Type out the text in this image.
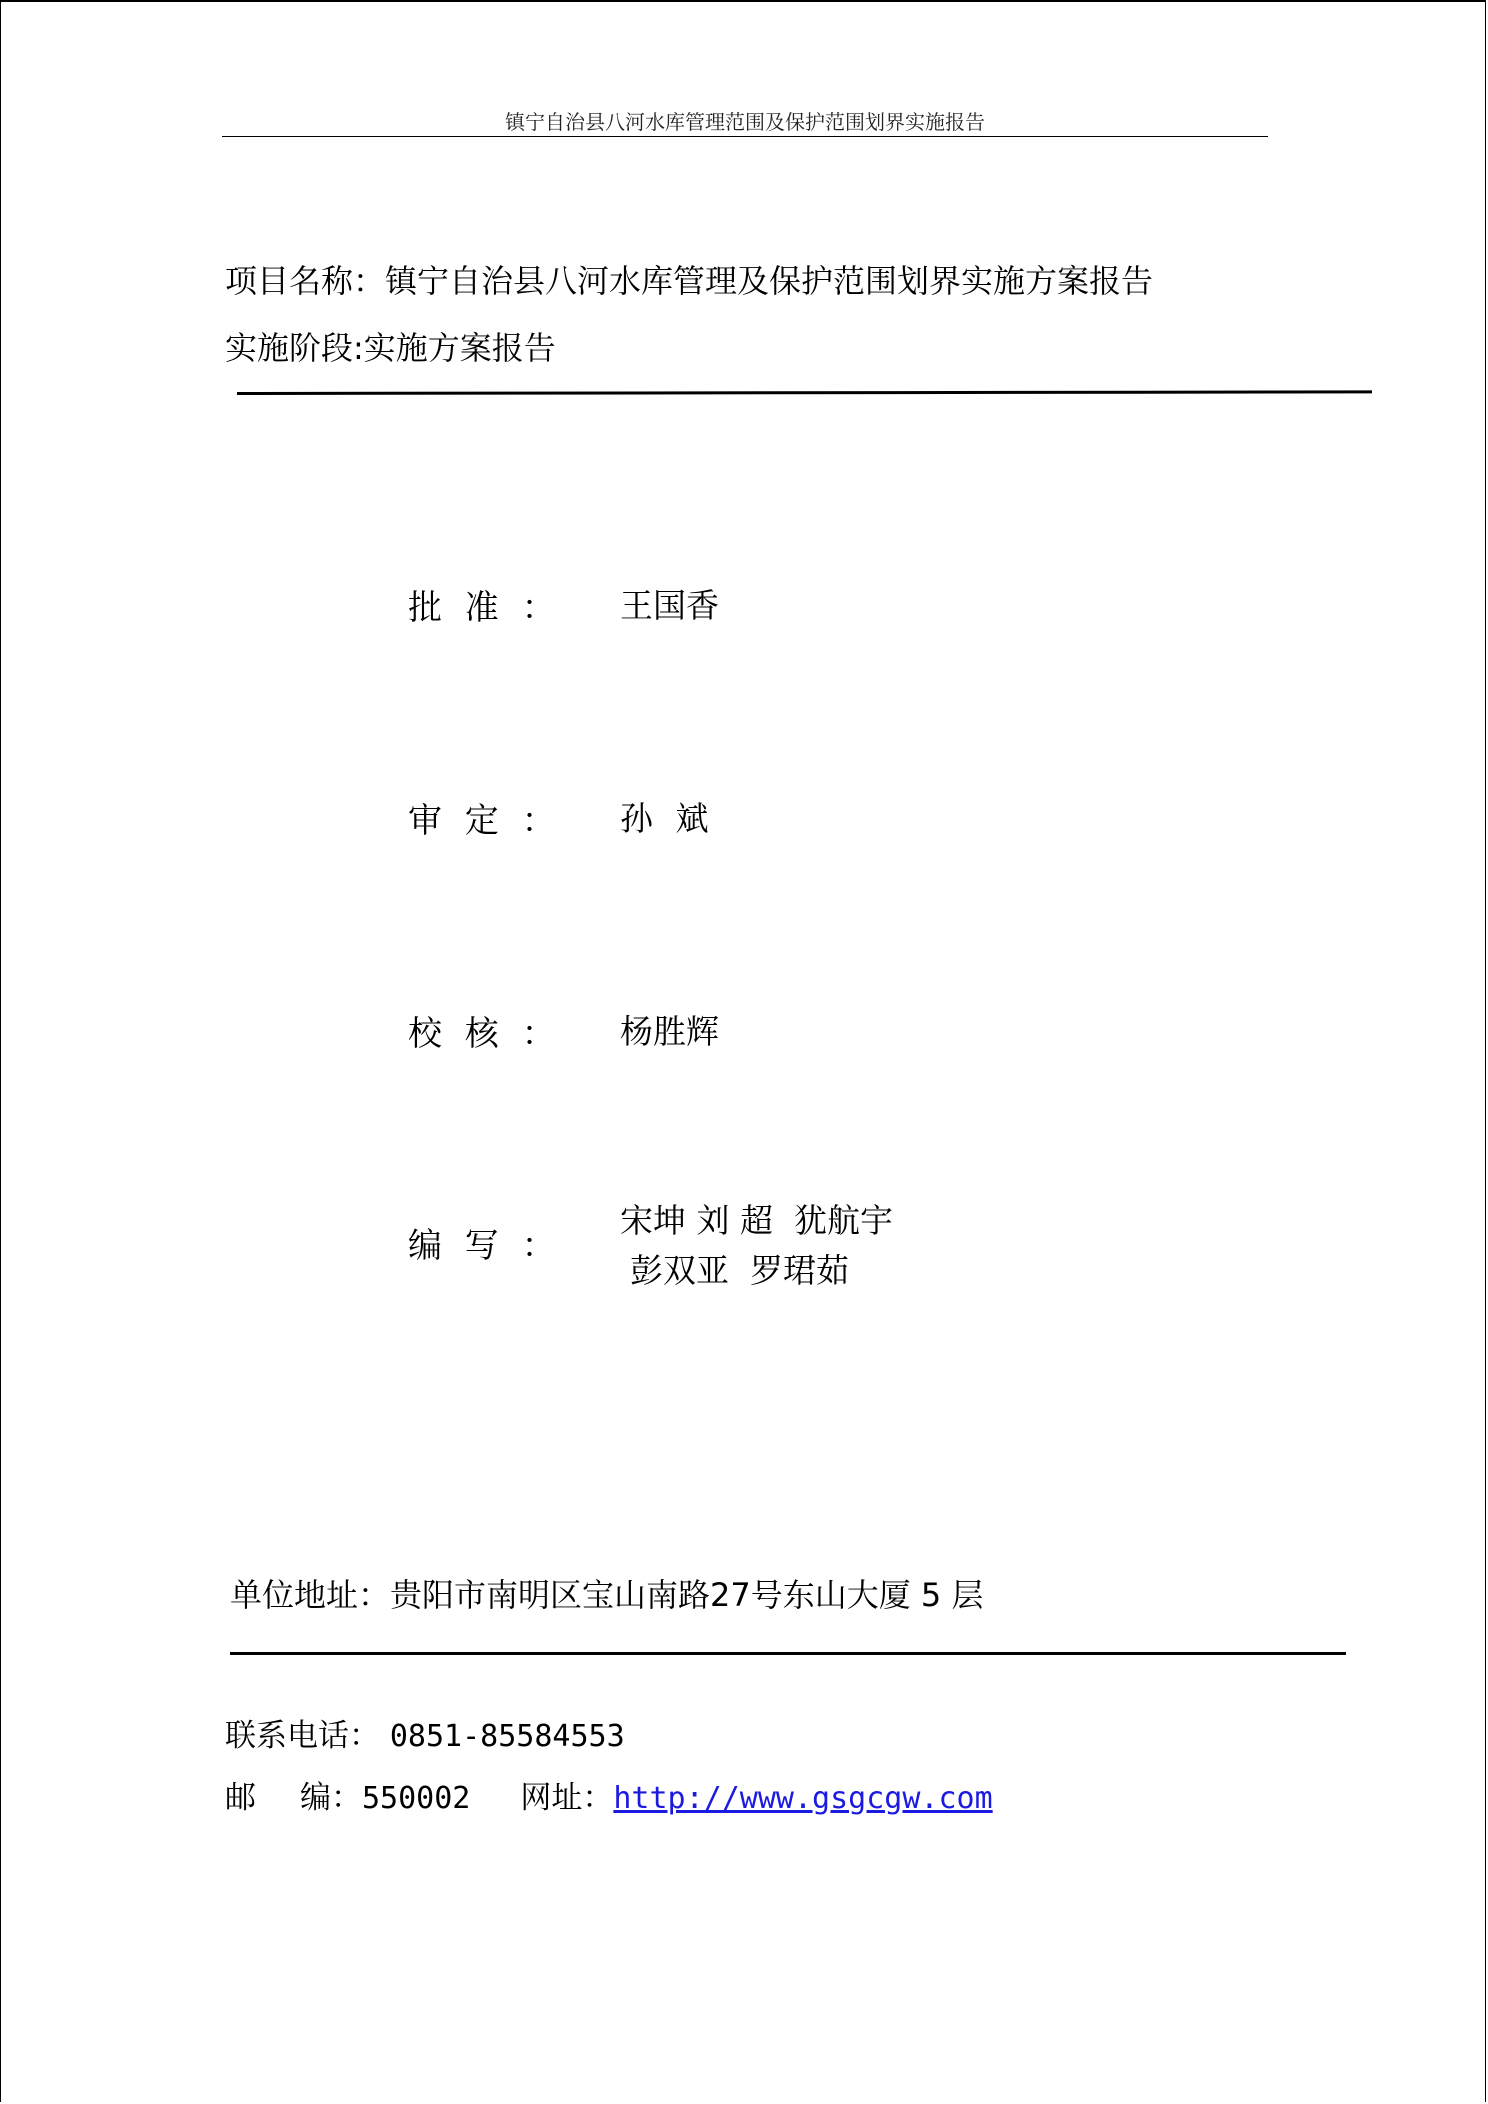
镇宁自治县八河水库管理范围及保护范围划界实施报告
项目名称：镇宁自治县八河水库管理及保护范围划界实施方案报告
实施阶段:实施方案报告
批 准 ： 王国香
审 定 ： 孙 斌
校 核 ： 杨胜辉
编 写 ：
宋坤 刘 超  犹航宇
彭双亚  罗珺茹
单位地址：贵阳市南明区宝山南路27号东山大厦 5 层
联系电话： 0851-85584553
邮 编：550002 网址：http://www.gsgcgw.com
